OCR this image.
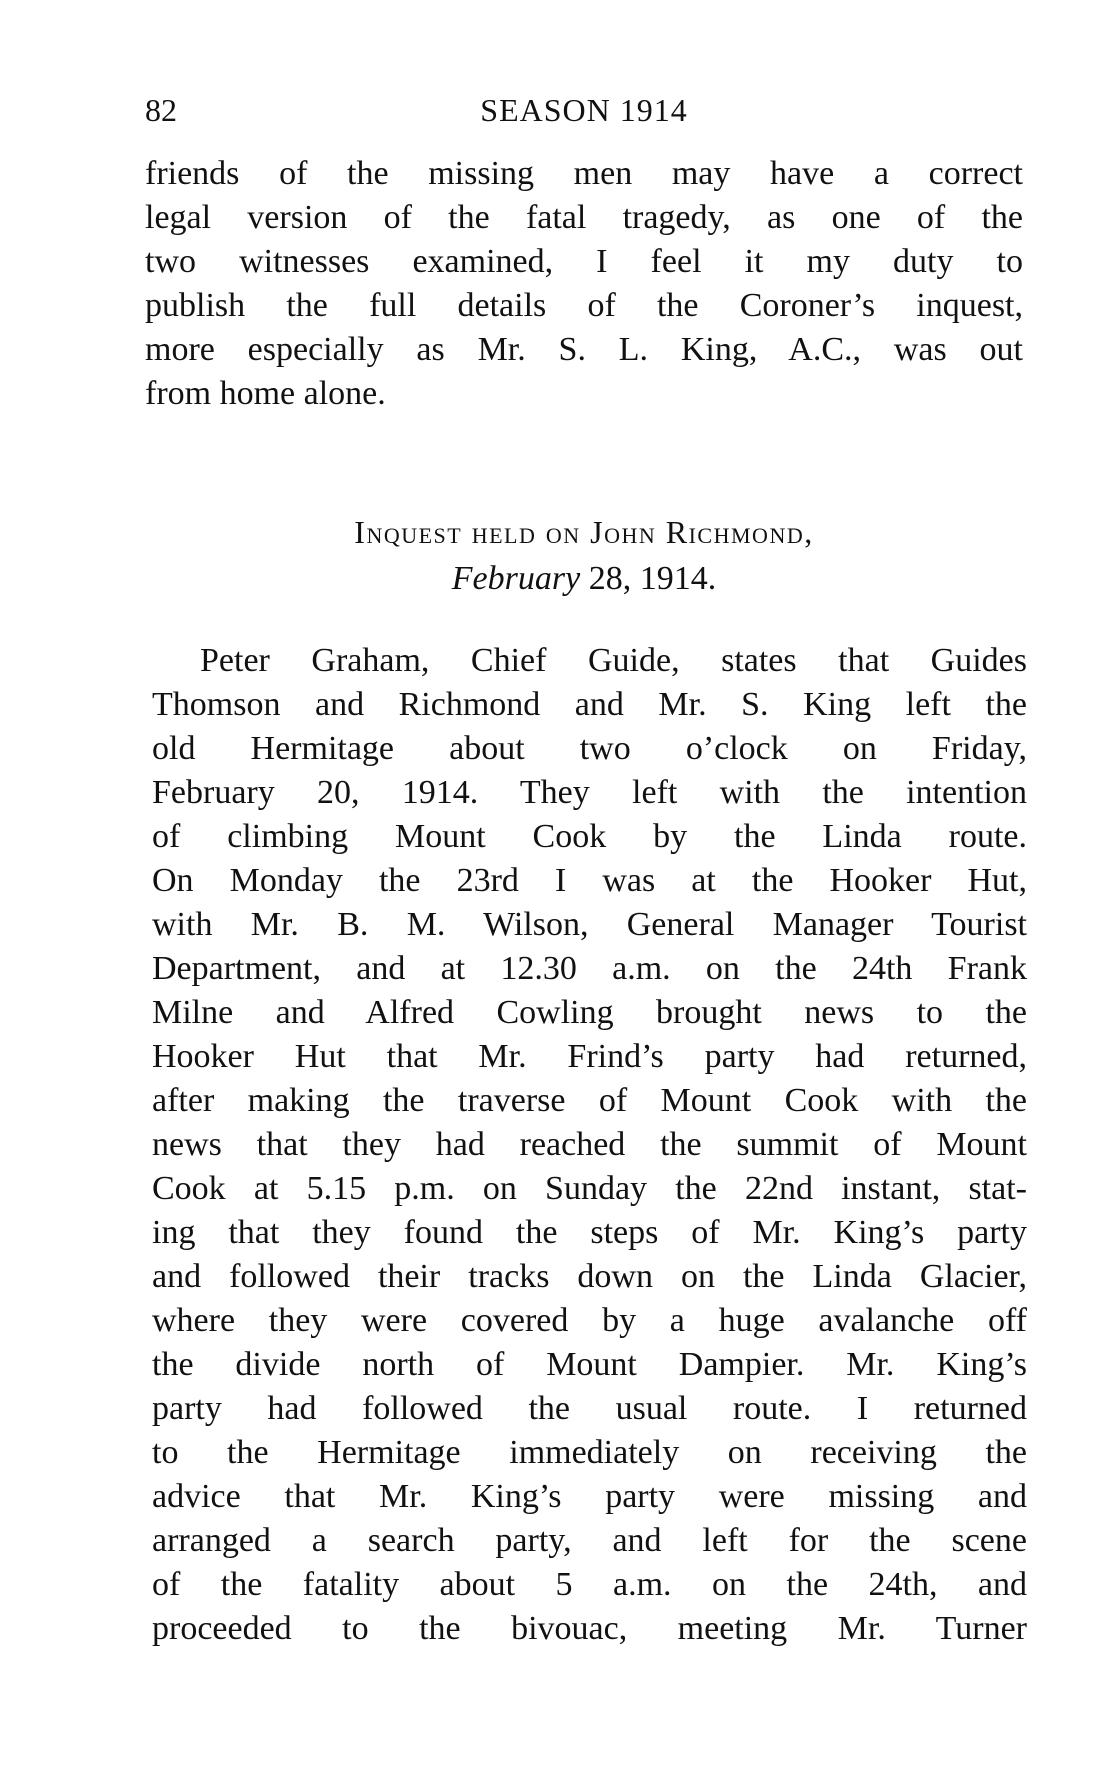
82	SEASON 1914
friends of the missing men may have a correct
legal version of the fatal tragedy, as one of the
two witnesses examined, I feel it my duty to
publish the full details of the Coroner’s inquest,
more especially as Mr. S. L. King, A.C., was out
from home alone.
Inquest held on John Richmond,
February 28, 1914.
Peter Graham, Chief Guide, states that Guides
Thomson and Richmond and Mr. S. King left the
old Hermitage about two o’clock on Friday,
February 20, 1914. They left with the intention
of climbing Mount Cook by the Linda route.
On Monday the 23rd I was at the Hooker Hut,
with Mr. B. M. Wilson, General Manager Tourist
Department, and at 12.30 a.m. on the 24th Frank
Milne and Alfred Cowling brought news to the
Hooker Hut that Mr. Frind’s party had returned,
after making the traverse of Mount Cook with the
news that they had reached the summit of Mount
Cook at 5.15 p.m. on Sunday the 22nd instant, stat-
ing that they found the steps of Mr. King’s party
and followed their tracks down on the Linda Glacier,
where they were covered by a huge avalanche off
the divide north of Mount Dampier. Mr. King’s
party had followed the usual route. I returned
to the Hermitage immediately on receiving the
advice that Mr. King’s party were missing and
arranged a search party, and left for the scene
of the fatality about 5 a.m. on the 24th, and
proceeded to the bivouac, meeting Mr. Turner
